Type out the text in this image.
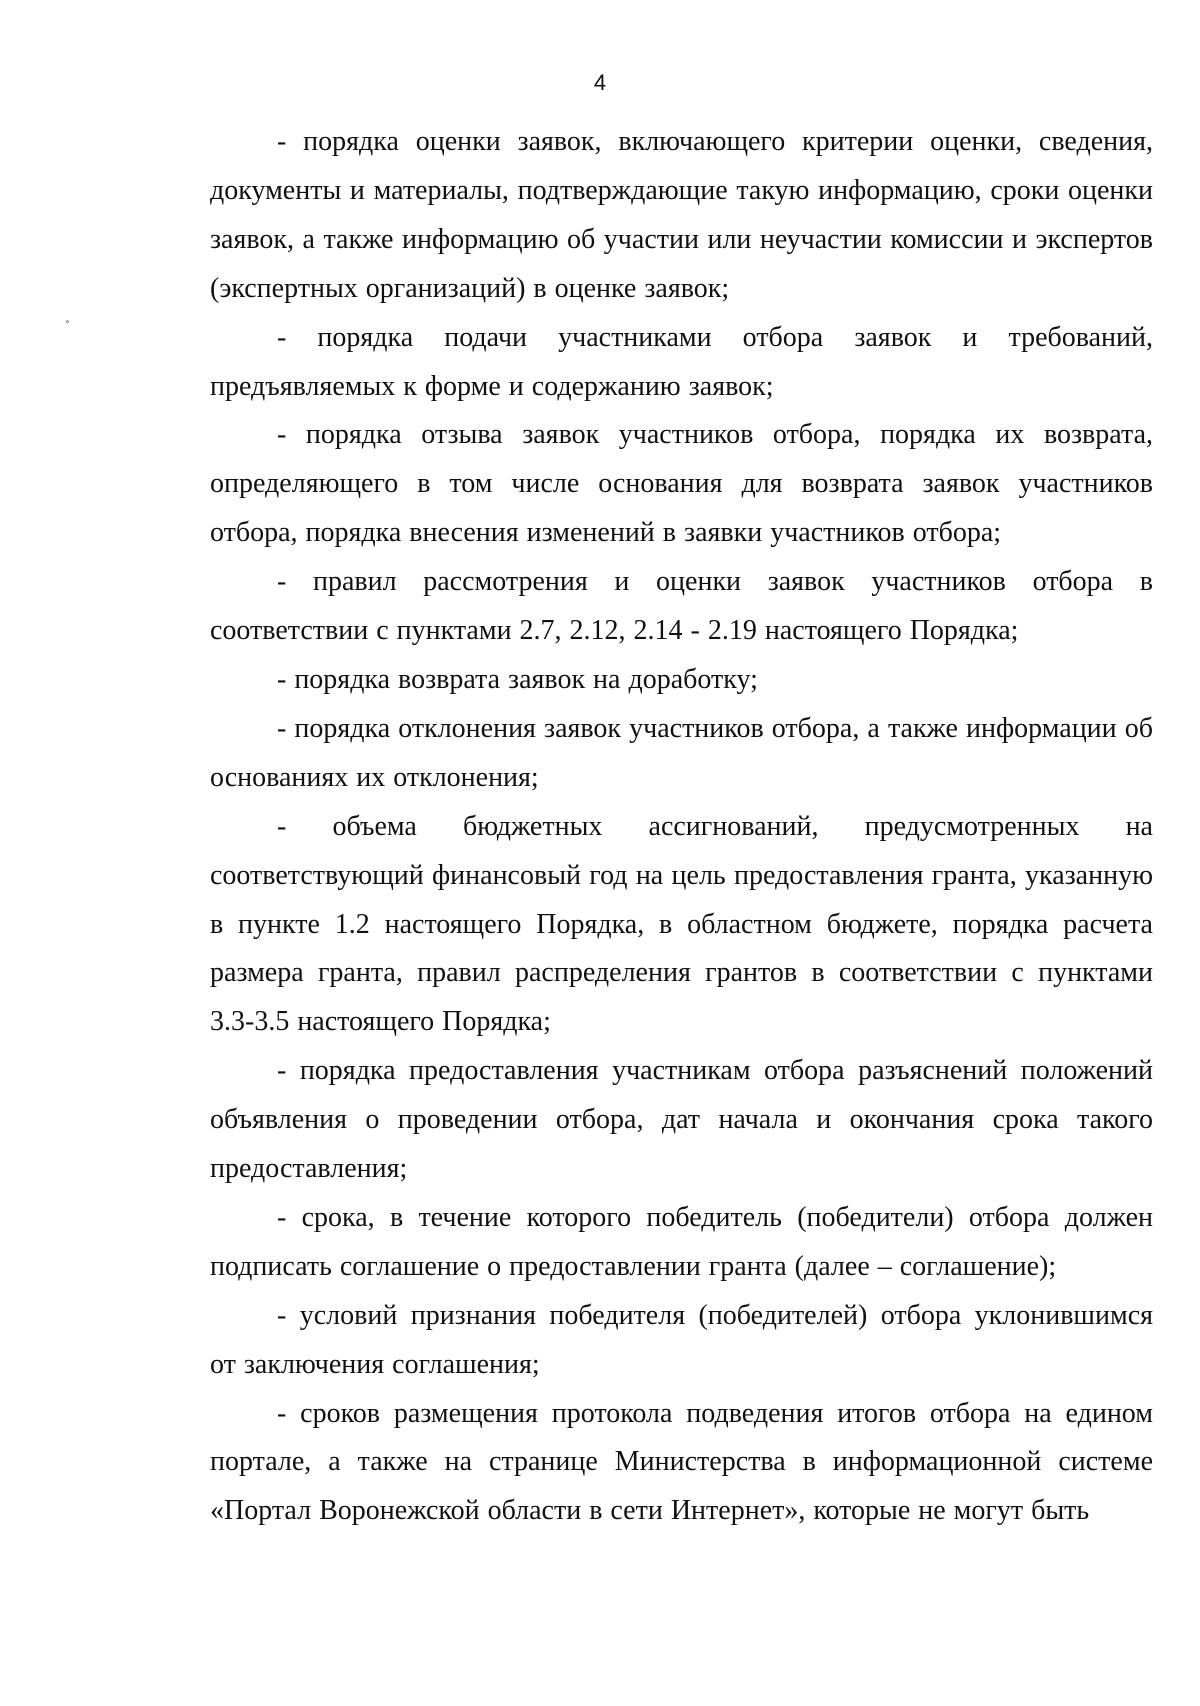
4
ﾞ

- порядка оценки заявок, включающего критерии оценки, сведения, документы и материалы, подтверждающие такую информацию, сроки оценки заявок, а также информацию об участии или неучастии комиссии и экспертов (экспертных организаций) в оценке заявок;

- порядка подачи участниками отбора заявок и требований, предъявляемых к форме и содержанию заявок;

- порядка отзыва заявок участников отбора, порядка их возврата, определяющего в том числе основания для возврата заявок участников отбора, порядка внесения изменений в заявки участников отбора;

- правил рассмотрения и оценки заявок участников отбора в соответствии с пунктами 2.7, 2.12, 2.14 - 2.19 настоящего Порядка;

- порядка возврата заявок на доработку;

- порядка отклонения заявок участников отбора, а также информации об основаниях их отклонения;

- объема бюджетных ассигнований, предусмотренных на соответствующий финансовый год на цель предоставления гранта, указанную в пункте 1.2 настоящего Порядка, в областном бюджете, порядка расчета размера гранта, правил распределения грантов в соответствии с пунктами 3.3-3.5 настоящего Порядка;

- порядка предоставления участникам отбора разъяснений положений объявления о проведении отбора, дат начала и окончания срока такого предоставления;

- срока, в течение которого победитель (победители) отбора должен подписать соглашение о предоставлении гранта (далее – соглашение);

- условий признания победителя (победителей) отбора уклонившимся от заключения соглашения;

- сроков размещения протокола подведения итогов отбора на едином портале, а также на странице Министерства в информационной системе «Портал Воронежской области в сети Интернет», которые не могут быть
